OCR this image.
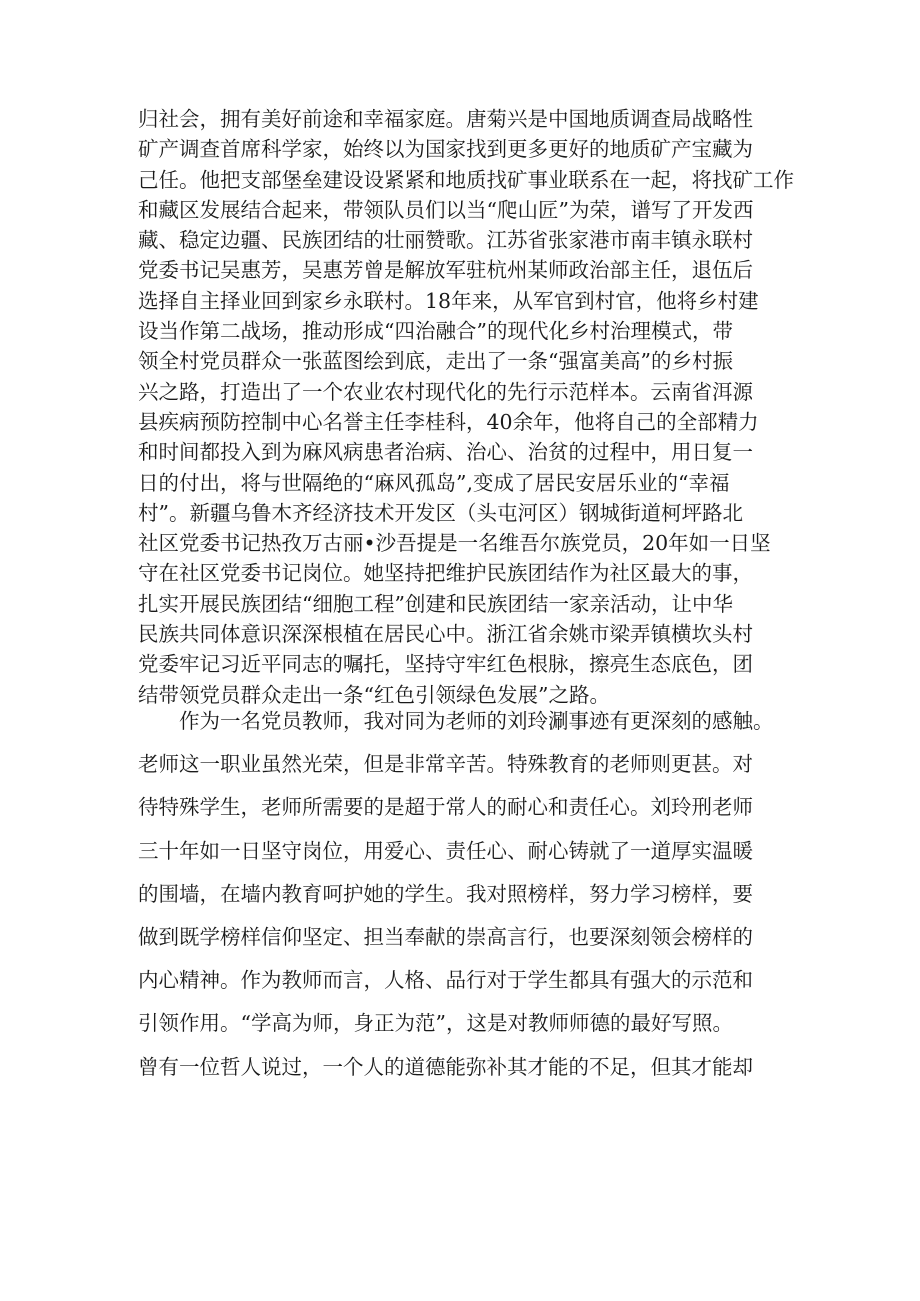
归社会，拥有美好前途和幸福家庭。唐菊兴是中国地质调查局战略性
矿产调查首席科学家，始终以为国家找到更多更好的地质矿产宝藏为
己任。他把支部堡垒建设设紧紧和地质找矿事业联系在一起，将找矿工作
和藏区发展结合起来，带领队员们以当“爬山匠”为荣，谱写了开发西
藏、稳定边疆、民族团结的壮丽赞歌。江苏省张家港市南丰镇永联村
党委书记吴惠芳，吴惠芳曾是解放军驻杭州某师政治部主任，退伍后
选择自主择业回到家乡永联村。18年来，从军官到村官，他将乡村建
设当作第二战场，推动形成“四治融合”的现代化乡村治理模式，带
领全村党员群众一张蓝图绘到底，走出了一条“强富美高”的乡村振
兴之路，打造出了一个农业农村现代化的先行示范样本。云南省洱源
县疾病预防控制中心名誉主任李桂科，40余年，他将自己的全部精力
和时间都投入到为麻风病患者治病、治心、治贫的过程中，用日复一
日的付出，将与世隔绝的“麻风孤岛”,变成了居民安居乐业的“幸福
村”。新疆乌鲁木齐经济技术开发区（头屯河区）钢城街道柯坪路北
社区党委书记热孜万古丽•沙吾提是一名维吾尔族党员，20年如一日坚
守在社区党委书记岗位。她坚持把维护民族团结作为社区最大的事，
扎实开展民族团结“细胞工程”创建和民族团结一家亲活动，让中华
民族共同体意识深深根植在居民心中。浙江省余姚市梁弄镇横坎头村
党委牢记习近平同志的嘱托，坚持守牢红色根脉，擦亮生态底色，团
结带领党员群众走出一条“红色引领绿色发展”之路。
作为一名党员教师，我对同为老师的刘玲涮事迹有更深刻的感触。
老师这一职业虽然光荣，但是非常辛苦。特殊教育的老师则更甚。对
待特殊学生，老师所需要的是超于常人的耐心和责任心。刘玲刑老师
三十年如一日坚守岗位，用爱心、责任心、耐心铸就了一道厚实温暖
的围墙，在墙内教育呵护她的学生。我对照榜样，努力学习榜样，要
做到既学榜样信仰坚定、担当奉献的崇高言行，也要深刻领会榜样的
内心精神。作为教师而言，人格、品行对于学生都具有强大的示范和
引领作用。“学高为师，身正为范”，这是对教师师德的最好写照。
曾有一位哲人说过，一个人的道德能弥补其才能的不足，但其才能却
